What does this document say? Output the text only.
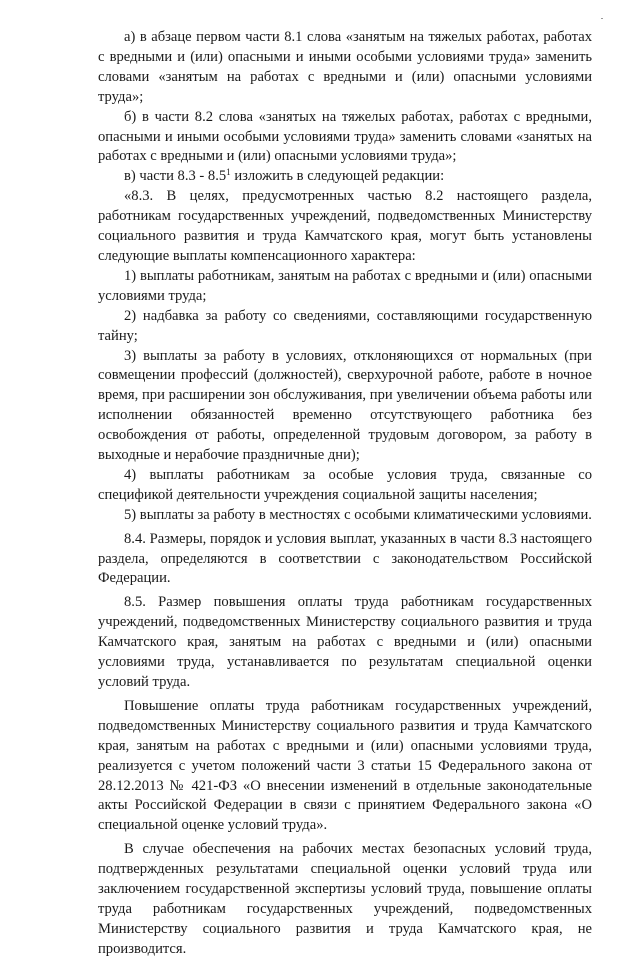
а) в абзаце первом части 8.1 слова «занятым на тяжелых работах, работах с вредными и (или) опасными и иными особыми условиями труда» заменить словами «занятым на работах с вредными и (или) опасными условиями труда»;

б) в части 8.2 слова «занятых на тяжелых работах, работах с вредными, опасными и иными особыми условиями труда» заменить словами «занятых на работах с вредными и (или) опасными условиями труда»;

в) части $8.3 - 8.5^1$ изложить в следующей редакции:

«8.3. В целях, предусмотренных частью 8.2 настоящего раздела, работникам государственных учреждений, подведомственных Министерству социального развития и труда Камчатского края, могут быть установлены следующие выплаты компенсационного характера:

1) выплаты работникам, занятым на работах с вредными и (или) опасными условиями труда;

2) надбавка за работу со сведениями, составляющими государственную тайну;

3) выплаты за работу в условиях, отклоняющихся от нормальных (при совмещении профессий (должностей), сверхурочной работе, работе в ночное время, при расширении зон обслуживания, при увеличении объема работы или исполнении обязанностей временно отсутствующего работника без освобождения от работы, определенной трудовым договором, за работу в выходные и нерабочие праздничные дни);

4) выплаты работникам за особые условия труда, связанные со спецификой деятельности учреждения социальной защиты населения;

5) выплаты за работу в местностях с особыми климатическими условиями.

8.4. Размеры, порядок и условия выплат, указанных в части 8.3 настоящего раздела, определяются в соответствии с законодательством Российской Федерации.

8.5. Размер повышения оплаты труда работникам государственных учреждений, подведомственных Министерству социального развития и труда Камчатского края, занятым на работах с вредными и (или) опасными условиями труда, устанавливается по результатам специальной оценки условий труда.

Повышение оплаты труда работникам государственных учреждений, подведомственных Министерству социального развития и труда Камчатского края, занятым на работах с вредными и (или) опасными условиями труда, реализуется с учетом положений части 3 статьи 15 Федерального закона от 28.12.2013 № 421-ФЗ «О внесении изменений в отдельные законодательные акты Российской Федерации в связи с принятием Федерального закона «О специальной оценке условий труда».

В случае обеспечения на рабочих местах безопасных условий труда, подтвержденных результатами специальной оценки условий труда или заключением государственной экспертизы условий труда, повышение оплаты труда работникам государственных учреждений, подведомственных Министерству социального развития и труда Камчатского края, не производится.
